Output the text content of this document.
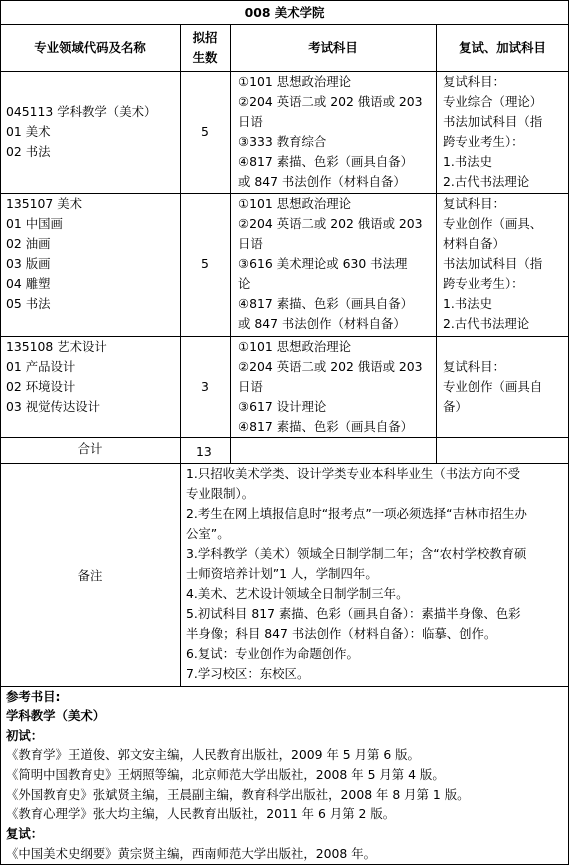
008 美术学院
专业领域代码及名称
拟招
生数
考试科目	复试、加试科目
045113 学科教学（美术）
01 美术
02 书法
5
①101 思想政治理论
②204 英语二或 202 俄语或 203
日语
③333 教育综合
④817 素描、色彩（画具自备）
或 847 书法创作（材料自备）
复试科目：
专业综合（理论）
书法加试科目（指
跨专业考生）：
1.书法史
2.古代书法理论
135107 美术
01 中国画
02 油画
03 版画
04 雕塑
05 书法
5
①101 思想政治理论
②204 英语二或 202 俄语或 203
日语
③616 美术理论或 630 书法理
论
④817 素描、色彩（画具自备）
或 847 书法创作（材料自备）
复试科目：
专业创作（画具、
材料自备）
书法加试科目（指
跨专业考生）：
1.书法史
2.古代书法理论
135108 艺术设计
01 产品设计
02 环境设计
03 视觉传达设计
3
①101 思想政治理论
②204 英语二或 202 俄语或 203
日语
③617 设计理论
④817 素描、色彩（画具自备）
复试科目：
专业创作（画具自
备）
合计	13
备注
1.只招收美术学类、设计学类专业本科毕业生（书法方向不受
专业限制）。
2.考生在网上填报信息时“报考点”一项必须选择“吉林市招生办
公室”。
3.学科教学（美术）领域全日制学制二年；含“农村学校教育硕
士师资培养计划”1 人，学制四年。
4.美术、艺术设计领域全日制学制三年。
5.初试科目 817 素描、色彩（画具自备）：素描半身像、色彩
半身像；科目 847 书法创作（材料自备）：临摹、创作。
6.复试：专业创作为命题创作。
7.学习校区：东校区。
参考书目:
学科教学（美术）
初试：
《教育学》王道俊、郭文安主编，人民教育出版社，2009 年 5 月第 6 版。
《简明中国教育史》王炳照等编，北京师范大学出版社，2008 年 5 月第 4 版。
《外国教育史》张斌贤主编，王晨副主编，教育科学出版社，2008 年 8 月第 1 版。
《教育心理学》张大均主编，人民教育出版社，2011 年 6 月第 2 版。
复试：
《中国美术史纲要》黄宗贤主编，西南师范大学出版社，2008 年。
